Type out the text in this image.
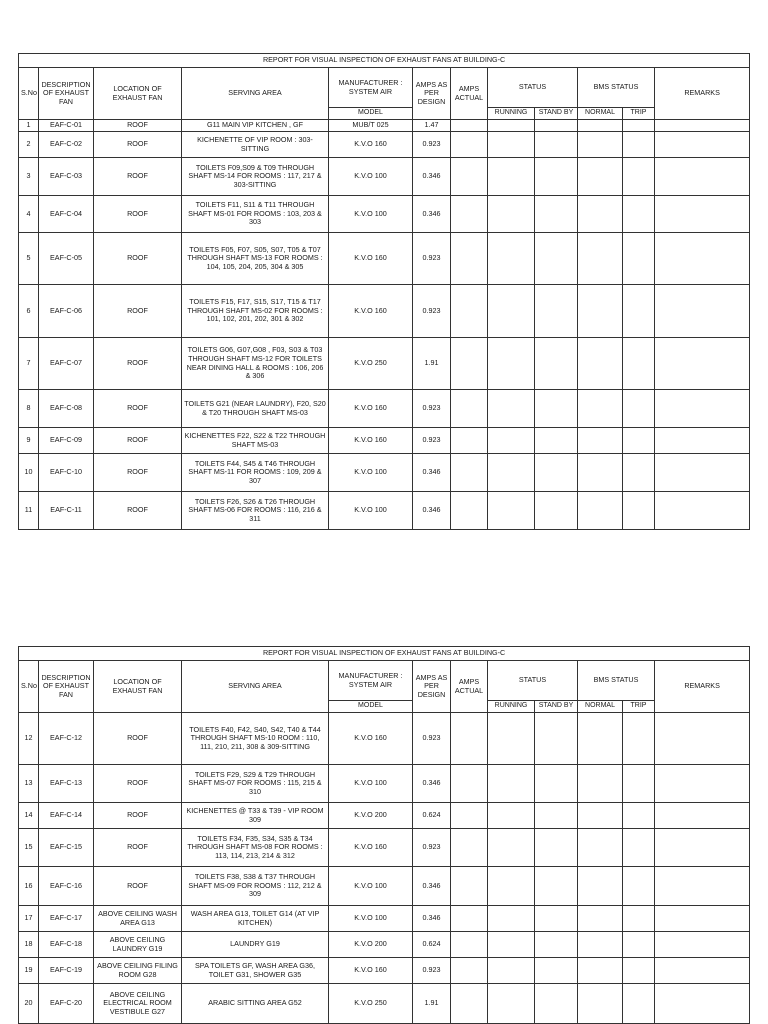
REPORT FOR VISUAL INSPECTION OF EXHAUST FANS AT BUILDING-C											
S.No	DESCRIPTION OF EXHAUST FAN	LOCATION OF EXHAUST FAN	SERVING AREA	MANUFACTURER : SYSTEM AIR	AMPS AS PER DESIGN	AMPS ACTUAL	STATUS		BMS STATUS		REMARKS
				MODEL			RUNNING	STAND BY	NORMAL	TRIP	
1	EAF-C-01	ROOF	G11 MAIN VIP KITCHEN , GF	MUB/T 025	1.47						
2	EAF-C-02	ROOF	KICHENETTE OF VIP ROOM : 303-SITTING	K.V.O 160	0.923						
3	EAF-C-03	ROOF	TOILETS F09,S09 & T09 THROUGH SHAFT MS-14 FOR ROOMS : 117, 217 & 303-SITTING	K.V.O 100	0.346						
4	EAF-C-04	ROOF	TOILETS F11, S11 & T11 THROUGH SHAFT MS-01 FOR ROOMS : 103, 203 & 303	K.V.O 100	0.346						
5	EAF-C-05	ROOF	TOILETS F05, F07, S05, S07, T05 & T07 THROUGH SHAFT MS-13 FOR ROOMS : 104, 105, 204, 205, 304 & 305	K.V.O 160	0.923						
6	EAF-C-06	ROOF	TOILETS F15, F17, S15, S17, T15 & T17 THROUGH SHAFT MS-02 FOR ROOMS : 101, 102, 201, 202, 301 & 302	K.V.O 160	0.923						
7	EAF-C-07	ROOF	TOILETS G06, G07,G08 , F03, S03 & T03 THROUGH SHAFT MS-12 FOR TOILETS NEAR DINING HALL & ROOMS : 106, 206 & 306	K.V.O 250	1.91						
8	EAF-C-08	ROOF	TOILETS G21 (NEAR LAUNDRY), F20, S20 & T20 THROUGH SHAFT MS-03	K.V.O 160	0.923						
9	EAF-C-09	ROOF	KICHENETTES F22, S22 & T22 THROUGH SHAFT MS-03	K.V.O 160	0.923						
10	EAF-C-10	ROOF	TOILETS F44, S45 & T46 THROUGH SHAFT MS-11 FOR ROOMS : 109, 209 & 307	K.V.O 100	0.346						
11	EAF-C-11	ROOF	TOILETS F26, S26 & T26 THROUGH SHAFT MS-06 FOR ROOMS : 116, 216 & 311	K.V.O 100	0.346						
REPORT FOR VISUAL INSPECTION OF EXHAUST FANS AT BUILDING-C											
S.No	DESCRIPTION OF EXHAUST FAN	LOCATION OF EXHAUST FAN	SERVING AREA	MANUFACTURER : SYSTEM AIR	AMPS AS PER DESIGN	AMPS ACTUAL	STATUS		BMS STATUS		REMARKS
				MODEL			RUNNING	STAND BY	NORMAL	TRIP	
12	EAF-C-12	ROOF	TOILETS F40, F42, S40, S42, T40 & T44 THROUGH SHAFT MS-10 ROOM : 110, 111, 210, 211, 308 & 309-SITTING	K.V.O 160	0.923						
13	EAF-C-13	ROOF	TOILETS F29, S29 & T29 THROUGH SHAFT MS-07 FOR ROOMS : 115, 215 & 310	K.V.O 100	0.346						
14	EAF-C-14	ROOF	KICHENETTES @ T33 & T39 - VIP ROOM 309	K.V.O 200	0.624						
15	EAF-C-15	ROOF	TOILETS F34, F35, S34, S35 & T34 THROUGH SHAFT MS-08 FOR ROOMS : 113, 114, 213, 214 & 312	K.V.O 160	0.923						
16	EAF-C-16	ROOF	TOILETS F38, S38 & T37 THROUGH SHAFT MS-09 FOR ROOMS : 112, 212 & 309	K.V.O 100	0.346						
17	EAF-C-17	ABOVE CEILING WASH AREA G13	WASH AREA G13, TOILET G14 (AT VIP KITCHEN)	K.V.O 100	0.346						
18	EAF-C-18	ABOVE CEILING LAUNDRY G19	LAUNDRY G19	K.V.O 200	0.624						
19	EAF-C-19	ABOVE CEILING FILING ROOM G28	SPA TOILETS GF, WASH AREA G36, TOILET G31, SHOWER G35	K.V.O 160	0.923						
20	EAF-C-20	ABOVE CEILING ELECTRICAL ROOM VESTIBULE G27	ARABIC SITTING AREA G52	K.V.O 250	1.91						
